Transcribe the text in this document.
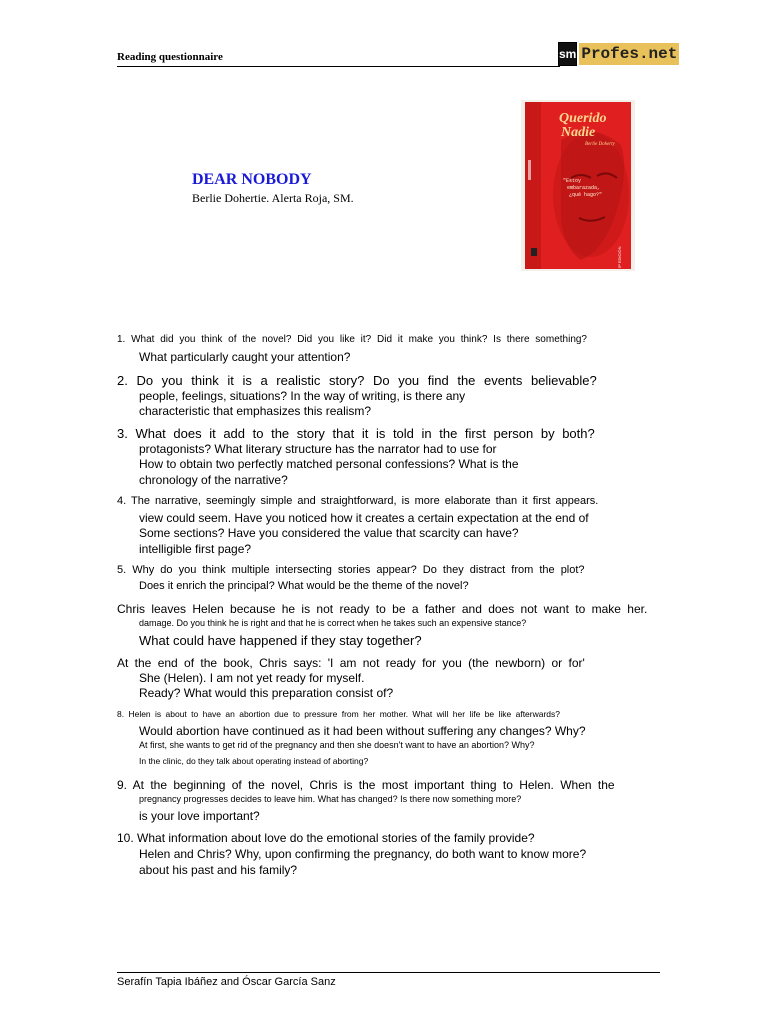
Reading questionnaire	sm Profes.net
DEAR NOBODY
Berlie Dohertie. Alerta Roja, SM.
Querido
Nadie
Berlie Doherty
"Estoy
embarazada,
¿qué hago?"
5ª EDICIÓN
1. What did you think of the novel? Did you like it? Did it make you think? Is there something?
What particularly caught your attention?
2. Do you think it is a realistic story? Do you find the events believable?
people, feelings, situations? In the way of writing, is there any
characteristic that emphasizes this realism?
3. What does it add to the story that it is told in the first person by both?
protagonists? What literary structure has the narrator had to use for
How to obtain two perfectly matched personal confessions? What is the
chronology of the narrative?
4. The narrative, seemingly simple and straightforward, is more elaborate than it first appears.
view could seem. Have you noticed how it creates a certain expectation at the end of
Some sections? Have you considered the value that scarcity can have?
intelligible first page?
5. Why do you think multiple intersecting stories appear? Do they distract from the plot?
Does it enrich the principal? What would be the theme of the novel?
Chris leaves Helen because he is not ready to be a father and does not want to make her.
damage. Do you think he is right and that he is correct when he takes such an expensive stance?
What could have happened if they stay together?
At the end of the book, Chris says: 'I am not ready for you (the newborn) or for'
She (Helen). I am not yet ready for myself.
Ready? What would this preparation consist of?
8. Helen is about to have an abortion due to pressure from her mother. What will her life be like afterwards?
Would abortion have continued as it had been without suffering any changes? Why?
At first, she wants to get rid of the pregnancy and then she doesn't want to have an abortion? Why?
In the clinic, do they talk about operating instead of aborting?
9. At the beginning of the novel, Chris is the most important thing to Helen. When the
pregnancy progresses decides to leave him. What has changed? Is there now something more?
is your love important?
10. What information about love do the emotional stories of the family provide?
Helen and Chris? Why, upon confirming the pregnancy, do both want to know more?
about his past and his family?
Serafín Tapia Ibáñez and Óscar García Sanz
